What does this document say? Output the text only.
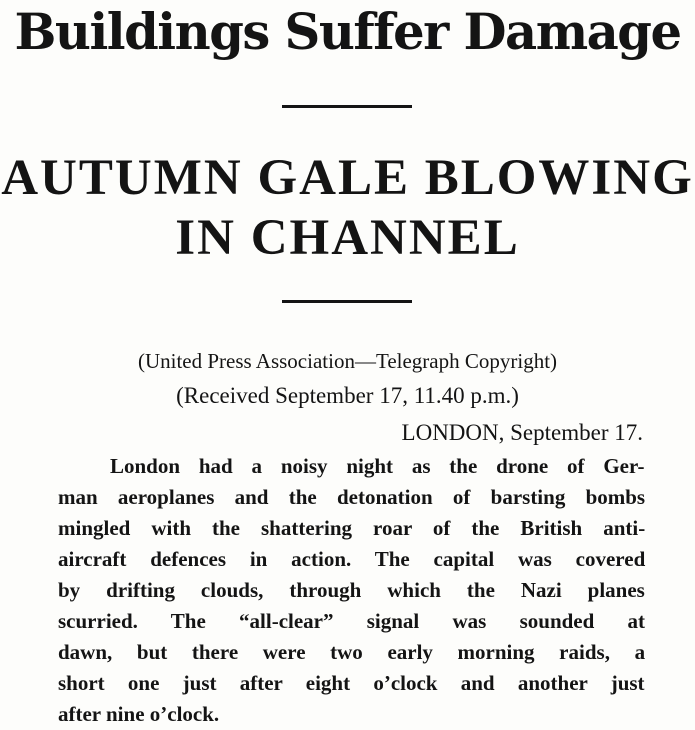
Buildings Suffer Damage
AUTUMN GALE BLOWING
IN CHANNEL
(United Press Association—Telegraph Copyright)
(Received September 17, 11.40 p.m.)
LONDON, September 17.
London had a noisy night as the drone of Ger-
man aeroplanes and the detonation of barsting bombs
mingled with the shattering roar of the British anti-
aircraft defences in action. The capital was covered
by drifting clouds, through which the Nazi planes
scurried. The “all-clear” signal was sounded at
dawn, but there were two early morning raids, a
short one just after eight o’clock and another just
after nine o’clock.
